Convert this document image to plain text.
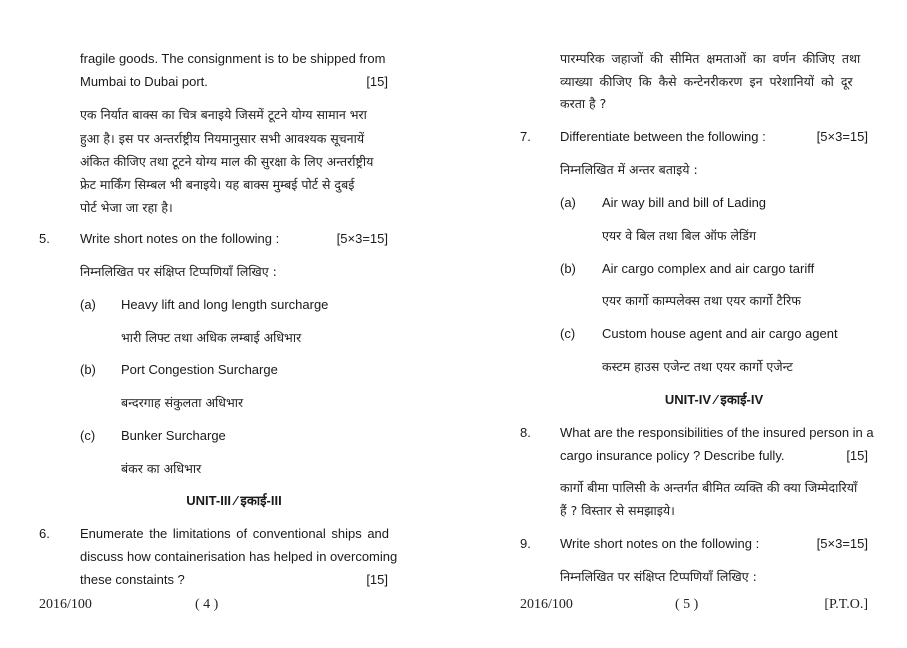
fragile goods. The consignment is to be shipped from
Mumbai to Dubai port.	[15]
एक निर्यात बाक्स का चित्र बनाइये जिसमें टूटने योग्य सामान भरा
हुआ है। इस पर अन्तर्राष्ट्रीय नियमानुसार सभी आवश्यक सूचनायें
अंकित कीजिए तथा टूटने योग्य माल की सुरक्षा के लिए अन्तर्राष्ट्रीय
फ्रेट मार्किंग सिम्बल भी बनाइये। यह बाक्स मुम्बई पोर्ट से दुबई
पोर्ट भेजा जा रहा है।
5. Write short notes on the following :	[5×3=15]
निम्नलिखित पर संक्षिप्त टिप्पणियाँ लिखिए :
(a) Heavy lift and long length surcharge
भारी लिफ्ट तथा अधिक लम्बाई अधिभार
(b) Port Congestion Surcharge
बन्दरगाह संकुलता अधिभार
(c) Bunker Surcharge
बंकर का अधिभार
UNIT-III ∕ इकाई-III
6. Enumerate the limitations of conventional ships and
discuss how containerisation has helped in overcoming
these constaints ?	[15]
2016/100	( 4 )
पारम्परिक जहाजों की सीमित क्षमताओं का वर्णन कीजिए तथा
व्याख्या कीजिए कि कैसे कन्टेनरीकरण इन परेशानियों को दूर
करता है ?
7. Differentiate between the following :	[5×3=15]
निम्नलिखित में अन्तर बताइये :
(a) Air way bill and bill of Lading
एयर वे बिल तथा बिल ऑफ लेडिंग
(b) Air cargo complex and air cargo tariff
एयर कार्गो काम्पलेक्स तथा एयर कार्गो टैरिफ
(c) Custom house agent and air cargo agent
कस्टम हाउस एजेन्ट तथा एयर कार्गो एजेन्ट
UNIT-IV ∕ इकाई-IV
8. What are the responsibilities of the insured person in a
cargo insurance policy ? Describe fully.	[15]
कार्गो बीमा पालिसी के अन्तर्गत बीमित व्यक्ति की क्या जिम्मेदारियाँ
हैं ? विस्तार से समझाइये।
9. Write short notes on the following :	[5×3=15]
निम्नलिखित पर संक्षिप्त टिप्पणियाँ लिखिए :
2016/100	( 5 )	[P.T.O.]
